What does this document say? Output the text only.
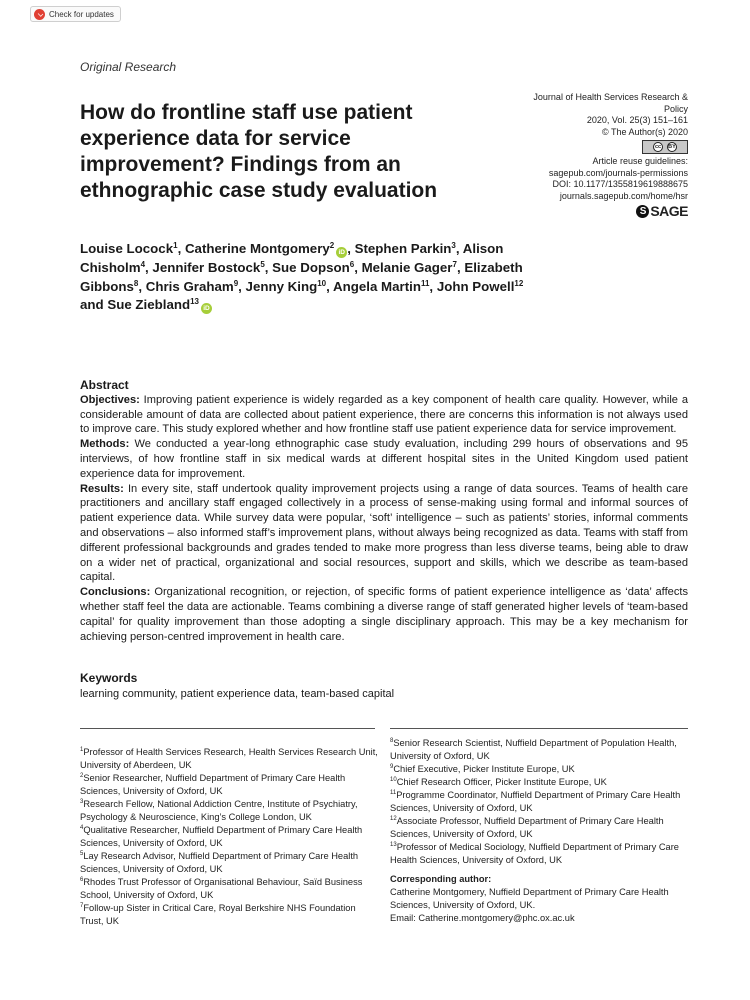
Check for updates
Original Research
How do frontline staff use patient experience data for service improvement? Findings from an ethnographic case study evaluation
Journal of Health Services Research & Policy
2020, Vol. 25(3) 151–161
© The Author(s) 2020
cc	BY
Article reuse guidelines:
sagepub.com/journals-permissions
DOI: 10.1177/1355819619888675
journals.sagepub.com/home/hsr
S SAGE
Louise Locock$^1$, Catherine Montgomery$^2$iD , Stephen Parkin$^3$, Alison Chisholm$^4$, Jennifer Bostock$^5$, Sue Dopson$^6$, Melanie Gager$^7$, Elizabeth Gibbons$^8$, Chris Graham$^9$, Jenny King$^{10}$, Angela Martin$^{11}$, John Powell$^{12}$ and Sue Ziebland$^{13}$iD
Abstract

Objectives: Improving patient experience is widely regarded as a key component of health care quality. However, while a considerable amount of data are collected about patient experience, there are concerns this information is not always used to improve care. This study explored whether and how frontline staff use patient experience data for service improvement.

Methods: We conducted a year-long ethnographic case study evaluation, including 299 hours of observations and 95 interviews, of how frontline staff in six medical wards at different hospital sites in the United Kingdom used patient experience data for improvement.

Results: In every site, staff undertook quality improvement projects using a range of data sources. Teams of health care practitioners and ancillary staff engaged collectively in a process of sense-making using formal and informal sources of patient experience data. While survey data were popular, ‘soft’ intelligence – such as patients’ stories, informal comments and observations – also informed staff’s improvement plans, without always being recognized as data. Teams with staff from different professional backgrounds and grades tended to make more progress than less diverse teams, being able to draw on a wider net of practical, organizational and social resources, support and skills, which we describe as team-based capital.

Conclusions: Organizational recognition, or rejection, of specific forms of patient experience intelligence as ‘data’ affects whether staff feel the data are actionable. Teams combining a diverse range of staff generated higher levels of ‘team-based capital’ for quality improvement than those adopting a single disciplinary approach. This may be a key mechanism for achieving person-centred improvement in health care.

Keywords
learning community, patient experience data, team-based capital
$^1$Professor of Health Services Research, Health Services Research Unit, University of Aberdeen, UK
$^2$Senior Researcher, Nuffield Department of Primary Care Health Sciences, University of Oxford, UK
$^3$Research Fellow, National Addiction Centre, Institute of Psychiatry, Psychology & Neuroscience, King’s College London, UK
$^4$Qualitative Researcher, Nuffield Department of Primary Care Health Sciences, University of Oxford, UK
$^5$Lay Research Advisor, Nuffield Department of Primary Care Health Sciences, University of Oxford, UK
$^6$Rhodes Trust Professor of Organisational Behaviour, Saïd Business School, University of Oxford, UK
$^7$Follow-up Sister in Critical Care, Royal Berkshire NHS Foundation Trust, UK
$^8$Senior Research Scientist, Nuffield Department of Population Health, University of Oxford, UK
$^9$Chief Executive, Picker Institute Europe, UK
$^{10}$Chief Research Officer, Picker Institute Europe, UK
$^{11}$Programme Coordinator, Nuffield Department of Primary Care Health Sciences, University of Oxford, UK
$^{12}$Associate Professor, Nuffield Department of Primary Care Health Sciences, University of Oxford, UK
$^{13}$Professor of Medical Sociology, Nuffield Department of Primary Care Health Sciences, University of Oxford, UK
Corresponding author:
Catherine Montgomery, Nuffield Department of Primary Care Health Sciences, University of Oxford, UK.
Email: Catherine.montgomery@phc.ox.ac.uk
